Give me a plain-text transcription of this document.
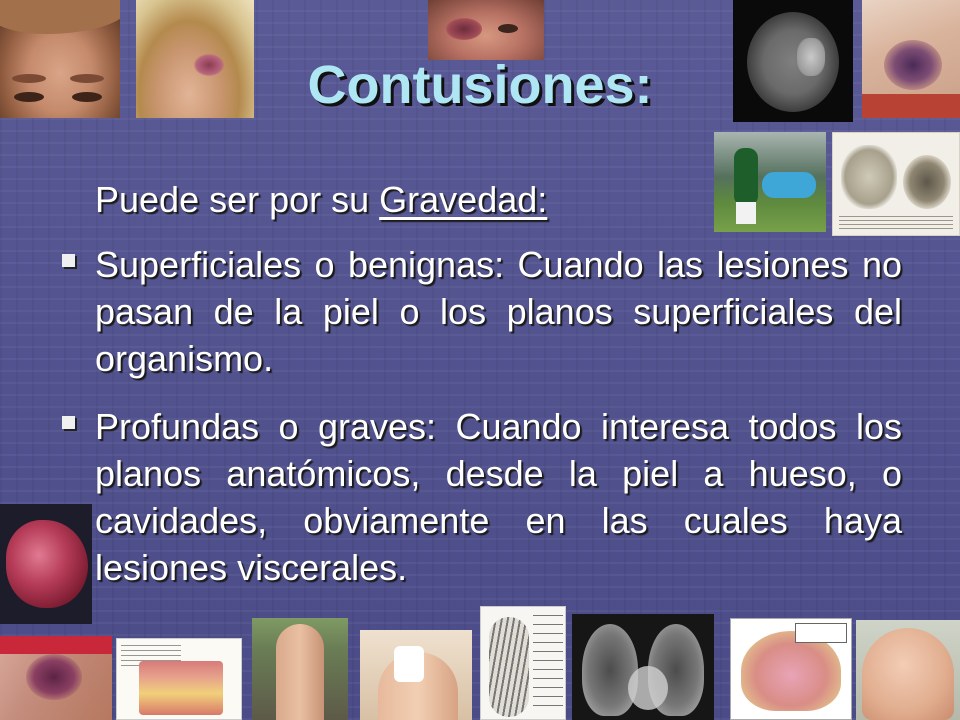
Contusiones:
Puede ser por su Gravedad:
Superficiales o benignas: Cuando las lesiones no pasan de la piel o los planos superficiales del organismo.
Profundas o graves: Cuando interesa todos los planos anatómicos, desde la piel a hueso, o cavidades, obviamente en las cuales haya lesiones viscerales.
